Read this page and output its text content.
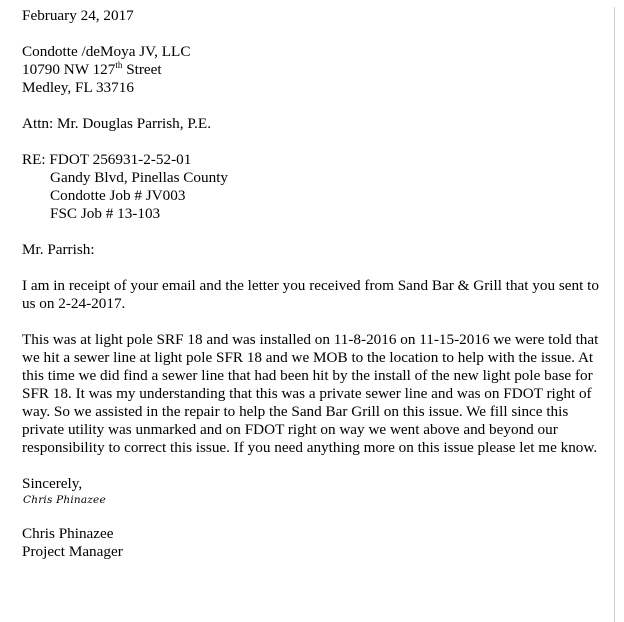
February 24, 2017
Condotte /deMoya JV, LLC
10790 NW 127th Street
Medley, FL 33716
Attn: Mr. Douglas Parrish, P.E.
RE: FDOT 256931-2-52-01
Gandy Blvd, Pinellas County
Condotte Job # JV003
FSC Job # 13-103
Mr. Parrish:
I am in receipt of your email and the letter you received from Sand Bar & Grill that you sent to us on 2-24-2017.
This was at light pole SRF 18 and was installed on 11-8-2016 on 11-15-2016 we were told that we hit a sewer line at light pole SFR 18 and we MOB to the location to help with the issue. At this time we did find a sewer line that had been hit by the install of the new light pole base for SFR 18. It was my understanding that this was a private sewer line and was on FDOT right of way. So we assisted in the repair to help the Sand Bar Grill on this issue. We fill since this private utility was unmarked and on FDOT right on way we went above and beyond our responsibility to correct this issue. If you need anything more on this issue please let me know.
Sincerely,
Chris Phinazee
Chris Phinazee
Project Manager
